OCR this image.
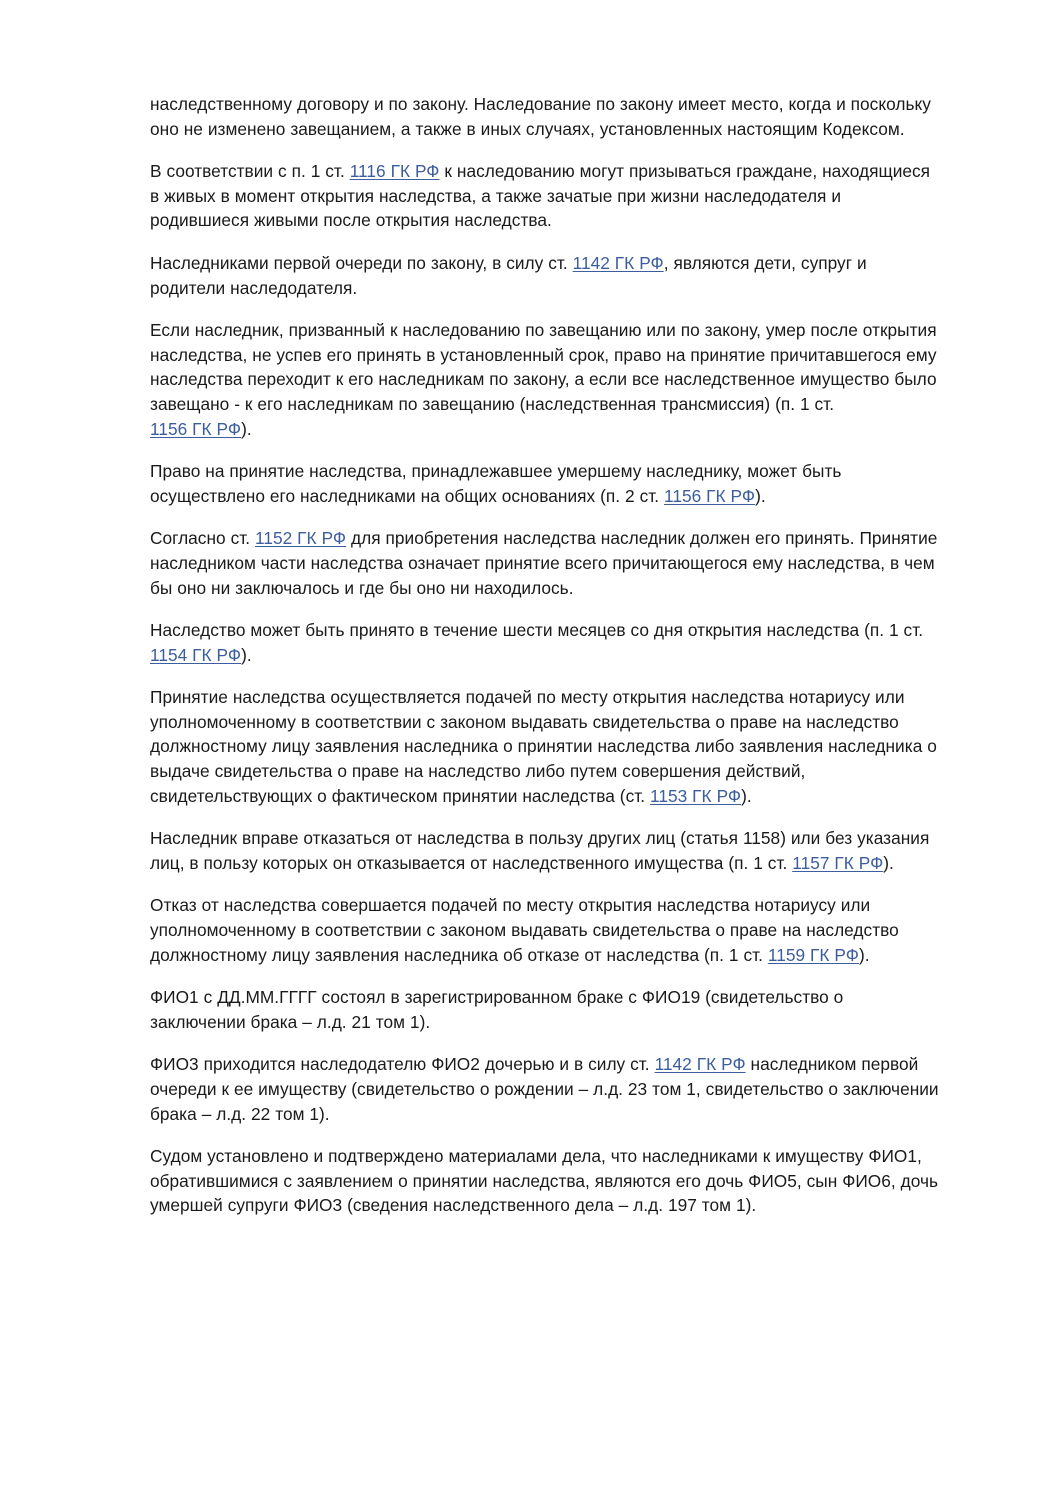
наследственному договору и по закону. Наследование по закону имеет место, когда и поскольку оно не изменено завещанием, а также в иных случаях, установленных настоящим Кодексом.

В соответствии с п. 1 ст. 1116 ГК РФ к наследованию могут призываться граждане, находящиеся в живых в момент открытия наследства, а также зачатые при жизни наследодателя и родившиеся живыми после открытия наследства.

Наследниками первой очереди по закону, в силу ст. 1142 ГК РФ, являются дети, супруг и родители наследодателя.

Если наследник, призванный к наследованию по завещанию или по закону, умер после открытия наследства, не успев его принять в установленный срок, право на принятие причитавшегося ему наследства переходит к его наследникам по закону, а если все наследственное имущество было завещано - к его наследникам по завещанию (наследственная трансмиссия) (п. 1 ст. 1156 ГК РФ).

Право на принятие наследства, принадлежавшее умершему наследнику, может быть осуществлено его наследниками на общих основаниях (п. 2 ст. 1156 ГК РФ).

Согласно ст. 1152 ГК РФ для приобретения наследства наследник должен его принять. Принятие наследником части наследства означает принятие всего причитающегося ему наследства, в чем бы оно ни заключалось и где бы оно ни находилось.

Наследство может быть принято в течение шести месяцев со дня открытия наследства (п. 1 ст. 1154 ГК РФ).

Принятие наследства осуществляется подачей по месту открытия наследства нотариусу или уполномоченному в соответствии с законом выдавать свидетельства о праве на наследство должностному лицу заявления наследника о принятии наследства либо заявления наследника о выдаче свидетельства о праве на наследство либо путем совершения действий, свидетельствующих о фактическом принятии наследства (ст. 1153 ГК РФ).

Наследник вправе отказаться от наследства в пользу других лиц (статья 1158) или без указания лиц, в пользу которых он отказывается от наследственного имущества (п. 1 ст. 1157 ГК РФ).

Отказ от наследства совершается подачей по месту открытия наследства нотариусу или уполномоченному в соответствии с законом выдавать свидетельства о праве на наследство должностному лицу заявления наследника об отказе от наследства (п. 1 ст. 1159 ГК РФ).

ФИО1 с ДД.ММ.ГГГГ состоял в зарегистрированном браке с ФИО19 (свидетельство о заключении брака – л.д. 21 том 1).

ФИО3 приходится наследодателю ФИО2 дочерью и в силу ст. 1142 ГК РФ наследником первой очереди к ее имуществу (свидетельство о рождении – л.д. 23 том 1, свидетельство о заключении брака – л.д. 22 том 1).

Судом установлено и подтверждено материалами дела, что наследниками к имуществу ФИО1, обратившимися с заявлением о принятии наследства, являются его дочь ФИО5, сын ФИО6, дочь умершей супруги ФИО3 (сведения наследственного дела – л.д. 197 том 1).
